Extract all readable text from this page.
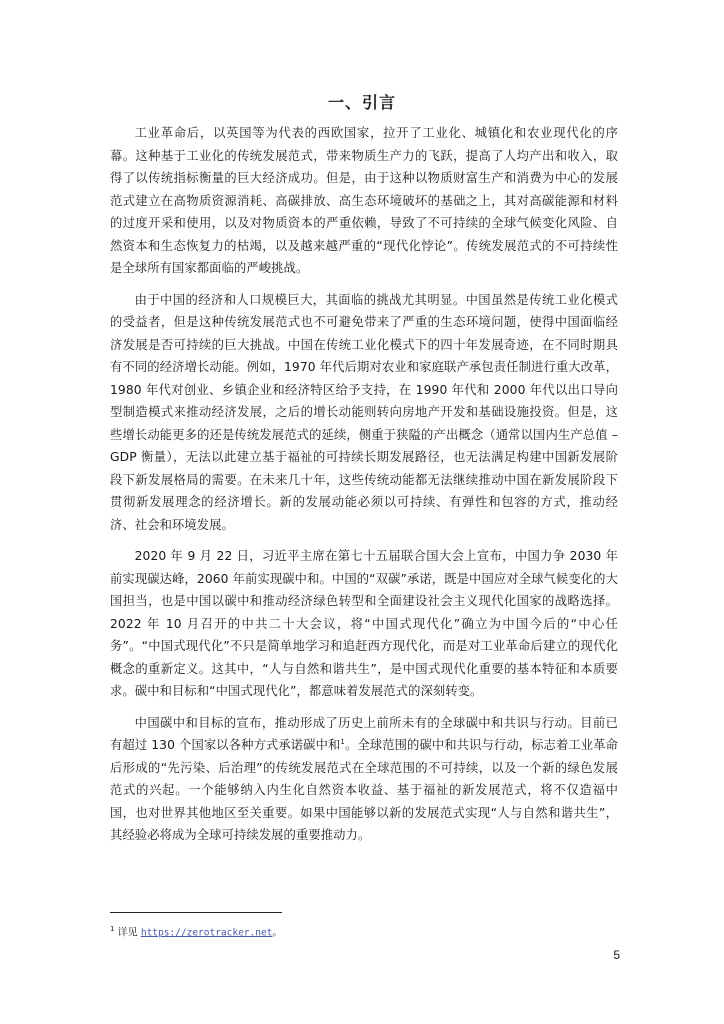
一、引言

工业革命后，以英国等为代表的西欧国家，拉开了工业化、城镇化和农业现代化的序幕。这种基于工业化的传统发展范式，带来物质生产力的飞跃，提高了人均产出和收入，取得了以传统指标衡量的巨大经济成功。但是，由于这种以物质财富生产和消费为中心的发展范式建立在高物质资源消耗、高碳排放、高生态环境破坏的基础之上，其对高碳能源和材料的过度开采和使用，以及对物质资本的严重依赖，导致了不可持续的全球气候变化风险、自然资本和生态恢复力的枯竭，以及越来越严重的“现代化悖论”。传统发展范式的不可持续性是全球所有国家都面临的严峻挑战。

由于中国的经济和人口规模巨大，其面临的挑战尤其明显。中国虽然是传统工业化模式的受益者，但是这种传统发展范式也不可避免带来了严重的生态环境问题，使得中国面临经济发展是否可持续的巨大挑战。中国在传统工业化模式下的四十年发展奇迹，在不同时期具有不同的经济增长动能。例如，1970 年代后期对农业和家庭联产承包责任制进行重大改革，1980 年代对创业、乡镇企业和经济特区给予支持，在 1990 年代和 2000 年代以出口导向型制造模式来推动经济发展，之后的增长动能则转向房地产开发和基础设施投资。但是，这些增长动能更多的还是传统发展范式的延续，侧重于狭隘的产出概念（通常以国内生产总值 – GDP 衡量），无法以此建立基于福祉的可持续长期发展路径，也无法满足构建中国新发展阶段下新发展格局的需要。在未来几十年，这些传统动能都无法继续推动中国在新发展阶段下贯彻新发展理念的经济增长。新的发展动能必须以可持续、有弹性和包容的方式，推动经济、社会和环境发展。

2020 年 9 月 22 日，习近平主席在第七十五届联合国大会上宣布，中国力争 2030 年前实现碳达峰，2060 年前实现碳中和。中国的“双碳”承诺，既是中国应对全球气候变化的大国担当，也是中国以碳中和推动经济绿色转型和全面建设社会主义现代化国家的战略选择。2022 年 10 月召开的中共二十大会议，将“中国式现代化”确立为中国今后的“中心任务”。“中国式现代化”不只是简单地学习和追赶西方现代化，而是对工业革命后建立的现代化概念的重新定义。这其中，“人与自然和谐共生”，是中国式现代化重要的基本特征和本质要求。碳中和目标和“中国式现代化”，都意味着发展范式的深刻转变。

中国碳中和目标的宣布，推动形成了历史上前所未有的全球碳中和共识与行动。目前已有超过 130 个国家以各种方式承诺碳中和$^1$。全球范围的碳中和共识与行动，标志着工业革命后形成的“先污染、后治理”的传统发展范式在全球范围的不可持续，以及一个新的绿色发展范式的兴起。一个能够纳入内生化自然资本收益、基于福祉的新发展范式，将不仅造福中国，也对世界其他地区至关重要。如果中国能够以新的发展范式实现“人与自然和谐共生”，其经验必将成为全球可持续发展的重要推动力。

$^1$ 详见 https://zerotracker.net。
5
